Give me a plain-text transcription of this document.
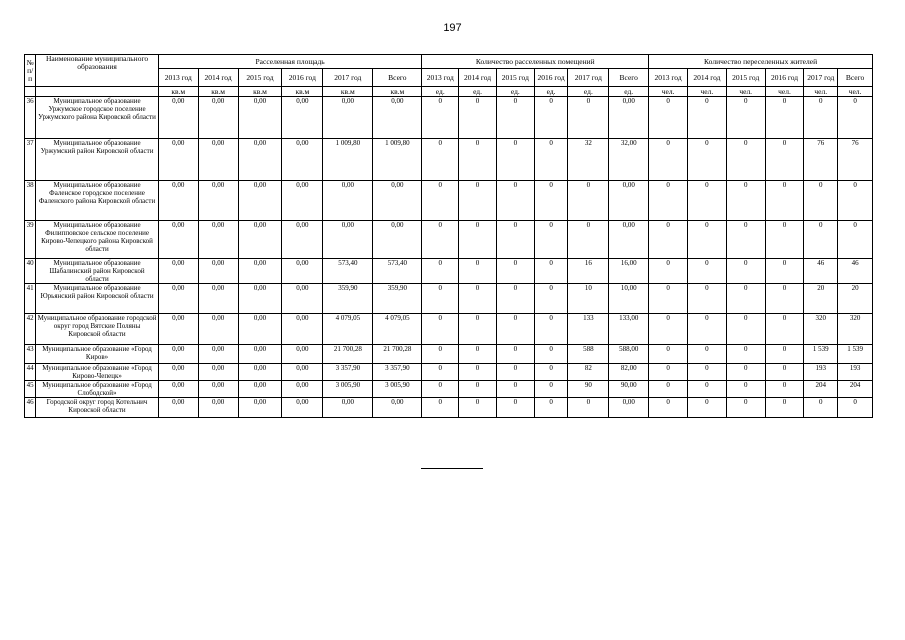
197
№ п/п	Наименование муниципального образования	Расселенная площадь						Количество расселенных помещений						Количество переселенных жителей					
		2013 год	2014 год	2015 год	2016 год	2017 год	Всего	2013 год	2014 год	2015 год	2016 год	2017 год	Всего	2013 год	2014 год	2015 год	2016 год	2017 год	Всего
		кв.м	кв.м	кв.м	кв.м	кв.м	кв.м	ед.	ед.	ед.	ед.	ед.	ед.	чел.	чел.	чел.	чел.	чел.	чел.
36	Муниципальное образование Уржумское городское поселение Уржумского района Кировской области	0,00	0,00	0,00	0,00	0,00	0,00	0	0	0	0	0	0,00	0	0	0	0	0	0
37	Муниципальное образование Уржумский район Кировской области	0,00	0,00	0,00	0,00	1 009,80	1 009,80	0	0	0	0	32	32,00	0	0	0	0	76	76
38	Муниципальное образование Фаленское городское поселение Фаленского района Кировской области	0,00	0,00	0,00	0,00	0,00	0,00	0	0	0	0	0	0,00	0	0	0	0	0	0
39	Муниципальное образование Филипповское сельское поселение Кирово-Чепецкого района Кировской области	0,00	0,00	0,00	0,00	0,00	0,00	0	0	0	0	0	0,00	0	0	0	0	0	0
40	Муниципальное образование Шабалинский район Кировской области	0,00	0,00	0,00	0,00	573,40	573,40	0	0	0	0	16	16,00	0	0	0	0	46	46
41	Муниципальное образование Юрьянский район Кировской области	0,00	0,00	0,00	0,00	359,90	359,90	0	0	0	0	10	10,00	0	0	0	0	20	20
42	Муниципальное образование городской округ город Вятские Поляны Кировской области	0,00	0,00	0,00	0,00	4 079,05	4 079,05	0	0	0	0	133	133,00	0	0	0	0	320	320
43	Муниципальное образование «Город Киров»	0,00	0,00	0,00	0,00	21 700,28	21 700,28	0	0	0	0	588	588,00	0	0	0	0	1 539	1 539
44	Муниципальное образование «Город Кирово-Чепецк»	0,00	0,00	0,00	0,00	3 357,90	3 357,90	0	0	0	0	82	82,00	0	0	0	0	193	193
45	Муниципальное образование «Город Слободской»	0,00	0,00	0,00	0,00	3 005,90	3 005,90	0	0	0	0	90	90,00	0	0	0	0	204	204
46	Городской округ город Котельнич Кировской области	0,00	0,00	0,00	0,00	0,00	0,00	0	0	0	0	0	0,00	0	0	0	0	0	0
